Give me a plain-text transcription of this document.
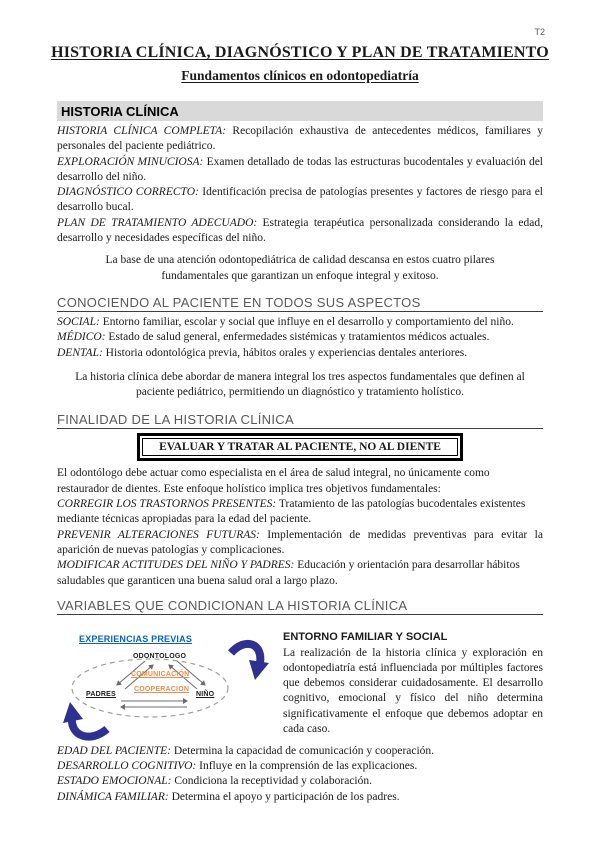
T2
HISTORIA CLÍNICA, DIAGNÓSTICO Y PLAN DE TRATAMIENTO
Fundamentos clínicos en odontopediatría
HISTORIA CLÍNICA

HISTORIA CLÍNICA COMPLETA: Recopilación exhaustiva de antecedentes médicos, familiares y personales del paciente pediátrico.

EXPLORACIÓN MINUCIOSA: Examen detallado de todas las estructuras bucodentales y evaluación del desarrollo del niño.

DIAGNÓSTICO CORRECTO: Identificación precisa de patologías presentes y factores de riesgo para el desarrollo bucal.

PLAN DE TRATAMIENTO ADECUADO: Estrategia terapéutica personalizada considerando la edad, desarrollo y necesidades específicas del niño.

La base de una atención odontopediátrica de calidad descansa en estos cuatro pilares fundamentales que garantizan un enfoque integral y exitoso.

CONOCIENDO AL PACIENTE EN TODOS SUS ASPECTOS

SOCIAL: Entorno familiar, escolar y social que influye en el desarrollo y comportamiento del niño.

MÉDICO: Estado de salud general, enfermedades sistémicas y tratamientos médicos actuales.

DENTAL: Historia odontológica previa, hábitos orales y experiencias dentales anteriores.

La historia clínica debe abordar de manera integral los tres aspectos fundamentales que definen al paciente pediátrico, permitiendo un diagnóstico y tratamiento holístico.

FINALIDAD DE LA HISTORIA CLÍNICA
EVALUAR Y TRATAR AL PACIENTE, NO AL DIENTE

El odontólogo debe actuar como especialista en el área de salud integral, no únicamente como restaurador de dientes. Este enfoque holístico implica tres objetivos fundamentales:

CORREGIR LOS TRASTORNOS PRESENTES: Tratamiento de las patologías bucodentales existentes mediante técnicas apropiadas para la edad del paciente.

PREVENIR ALTERACIONES FUTURAS: Implementación de medidas preventivas para evitar la aparición de nuevas patologías y complicaciones.

MODIFICAR ACTITUDES DEL NIÑO Y PADRES: Educación y orientación para desarrollar hábitos saludables que garanticen una buena salud oral a largo plazo.

VARIABLES QUE CONDICIONAN LA HISTORIA CLÍNICA
EXPERIENCIAS PREVIAS
ODONTOLOGO
COMUNICACIÓN
COOPERACION
PADRES	NIÑO
ENTORNO FAMILIAR Y SOCIAL

La realización de la historia clínica y exploración en odontopediatría está influenciada por múltiples factores que debemos considerar cuidadosamente. El desarrollo cognitivo, emocional y físico del niño determina significativamente el enfoque que debemos adoptar en cada caso.

EDAD DEL PACIENTE: Determina la capacidad de comunicación y cooperación.

DESARROLLO COGNITIVO: Influye en la comprensión de las explicaciones.

ESTADO EMOCIONAL: Condiciona la receptividad y colaboración.

DINÁMICA FAMILIAR: Determina el apoyo y participación de los padres.
